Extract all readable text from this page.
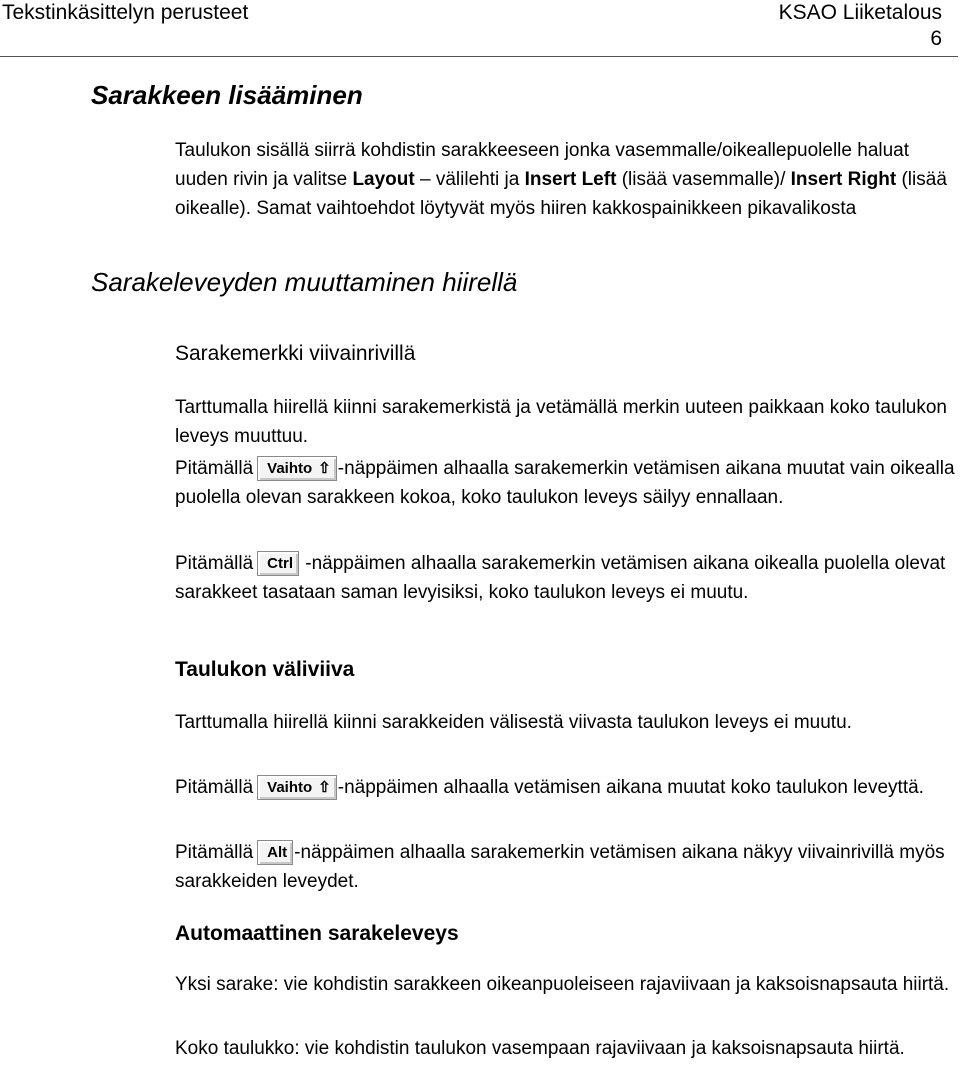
Tekstinkäsittelyn perusteet	KSAO Liiketalous
6
Sarakkeen lisääminen
Taulukon sisällä siirrä kohdistin sarakkeeseen jonka vasemmalle/oikeallepuolelle haluat uuden rivin ja valitse Layout – välilehti ja Insert Left (lisää vasemmalle)/ Insert Right (lisää oikealle). Samat vaihtoehdot löytyvät myös hiiren kakkospainikkeen pikavalikosta
Sarakeleveyden muuttaminen hiirellä
Sarakemerkki viivainrivillä
Tarttumalla hiirellä kiinni sarakemerkistä ja vetämällä merkin uuteen paikkaan koko taulukon leveys muuttuu.
Pitämällä Vaihto ⇧ -näppäimen alhaalla sarakemerkin vetämisen aikana muutat vain oikealla puolella olevan sarakkeen kokoa, koko taulukon leveys säilyy ennallaan.
Pitämällä Ctrl -näppäimen alhaalla sarakemerkin vetämisen aikana oikealla puolella olevat sarakkeet tasataan saman levyisiksi, koko taulukon leveys ei muutu.
Taulukon väliviiva
Tarttumalla hiirellä kiinni sarakkeiden välisestä viivasta taulukon leveys ei muutu.
Pitämällä Vaihto ⇧ -näppäimen alhaalla vetämisen aikana muutat koko taulukon leveyttä.
Pitämällä Alt -näppäimen alhaalla sarakemerkin vetämisen aikana näkyy viivainrivillä myös sarakkeiden leveydet.
Automaattinen sarakeleveys
Yksi sarake: vie kohdistin sarakkeen oikeanpuoleiseen rajaviivaan ja kaksoisnapsauta hiirtä.
Koko taulukko: vie kohdistin taulukon vasempaan rajaviivaan ja kaksoisnapsauta hiirtä.
